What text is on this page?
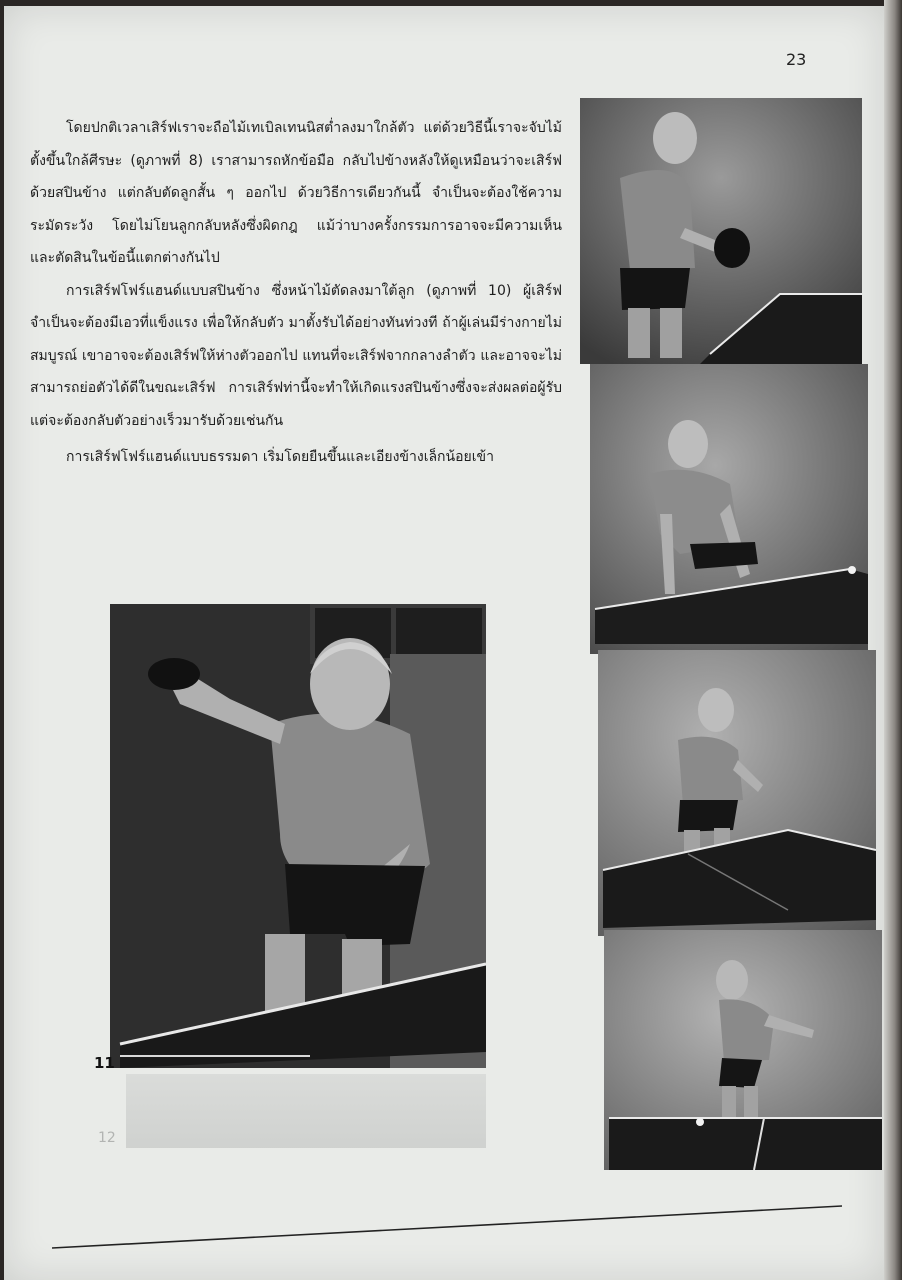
23

โดยปกติเวลาเสิร์ฟเราจะถือไม้เทเบิลเทนนิสต่ำลงมาใกล้ตัว แต่ด้วยวิธีนี้เราจะจับไม้ตั้งขึ้นใกล้ศีรษะ (ดูภาพที่ 8) เราสามารถหักข้อมือ กลับไปข้างหลังให้ดูเหมือนว่าจะเสิร์ฟด้วยสปินข้าง แต่กลับตัดลูกสั้น ๆ ออกไป ด้วยวิธีการเดียวกันนี้ จำเป็นจะต้องใช้ความระมัดระวัง โดยไม่โยนลูกกลับหลังซึ่งผิดกฎ แม้ว่าบางครั้งกรรมการอาจจะมีความเห็น และตัดสินในข้อนี้แตกต่างกันไป

การเสิร์ฟโฟร์แฮนด์แบบสปินข้าง ซึ่งหน้าไม้ตัดลงมาใต้ลูก (ดูภาพที่ 10) ผู้เสิร์ฟจำเป็นจะต้องมีเอวที่แข็งแรง เพื่อให้กลับตัว มาตั้งรับได้อย่างทันท่วงที ถ้าผู้เล่นมีร่างกายไม่สมบูรณ์ เขาอาจจะต้องเสิร์ฟให้ห่างตัวออกไป แทนที่จะเสิร์ฟจากกลางลำตัว และอาจจะไม่สามารถย่อตัวได้ดีในขณะเสิร์ฟ การเสิร์ฟท่านี้จะทำให้เกิดแรงสปินข้างซึ่งจะส่งผลต่อผู้รับ แต่จะต้องกลับตัวอย่างเร็วมารับด้วยเช่นกัน

การเสิร์ฟโฟร์แฮนด์แบบธรรมดา เริ่มโดยยืนขึ้นและเอียงข้างเล็กน้อยเข้า

11
12
